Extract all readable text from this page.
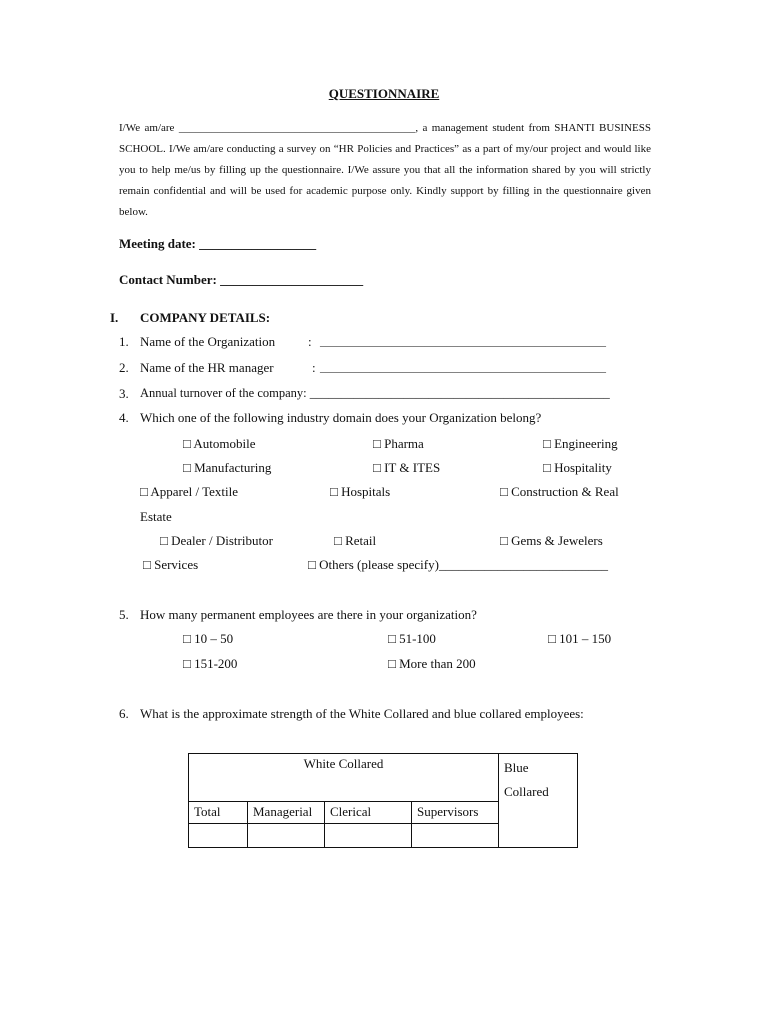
QUESTIONNAIRE
I/We am/are ___________________________________________, a management student from SHANTI BUSINESS SCHOOL. I/We am/are conducting a survey on “HR Policies and Practices” as a part of my/our project and would like you to help me/us by filling up the questionnaire. I/We assure you that all the information shared by you will strictly remain confidential and will be used for academic purpose only. Kindly support by filling in the questionnaire given below.
Meeting date: __________________
Contact Number: ______________________
I. COMPANY DETAILS:
1. Name of the Organization	: ____________________________________________________
2. Name of the HR manager	: ____________________________________________________
3. Annual turnover of the company: ________________________________________________
4. Which one of the following industry domain does your Organization belong?
□ Automobile	□ Pharma	□ Engineering
□ Manufacturing	□ IT & ITES	□ Hospitality
□ Apparel / Textile	□ Hospitals	□ Construction & Real
Estate
□ Dealer / Distributor	□ Retail	□ Gems & Jewelers
□ Services	□ Others (please specify)__________________________
5. How many permanent employees are there in your organization?
□ 10 – 50	□ 51-100	□ 101 – 150
□ 151-200	□ More than 200
6. What is the approximate strength of the White Collared and blue collared employees:
White Collared				Blue
Collared
Total	Managerial	Clerical	Supervisors	
